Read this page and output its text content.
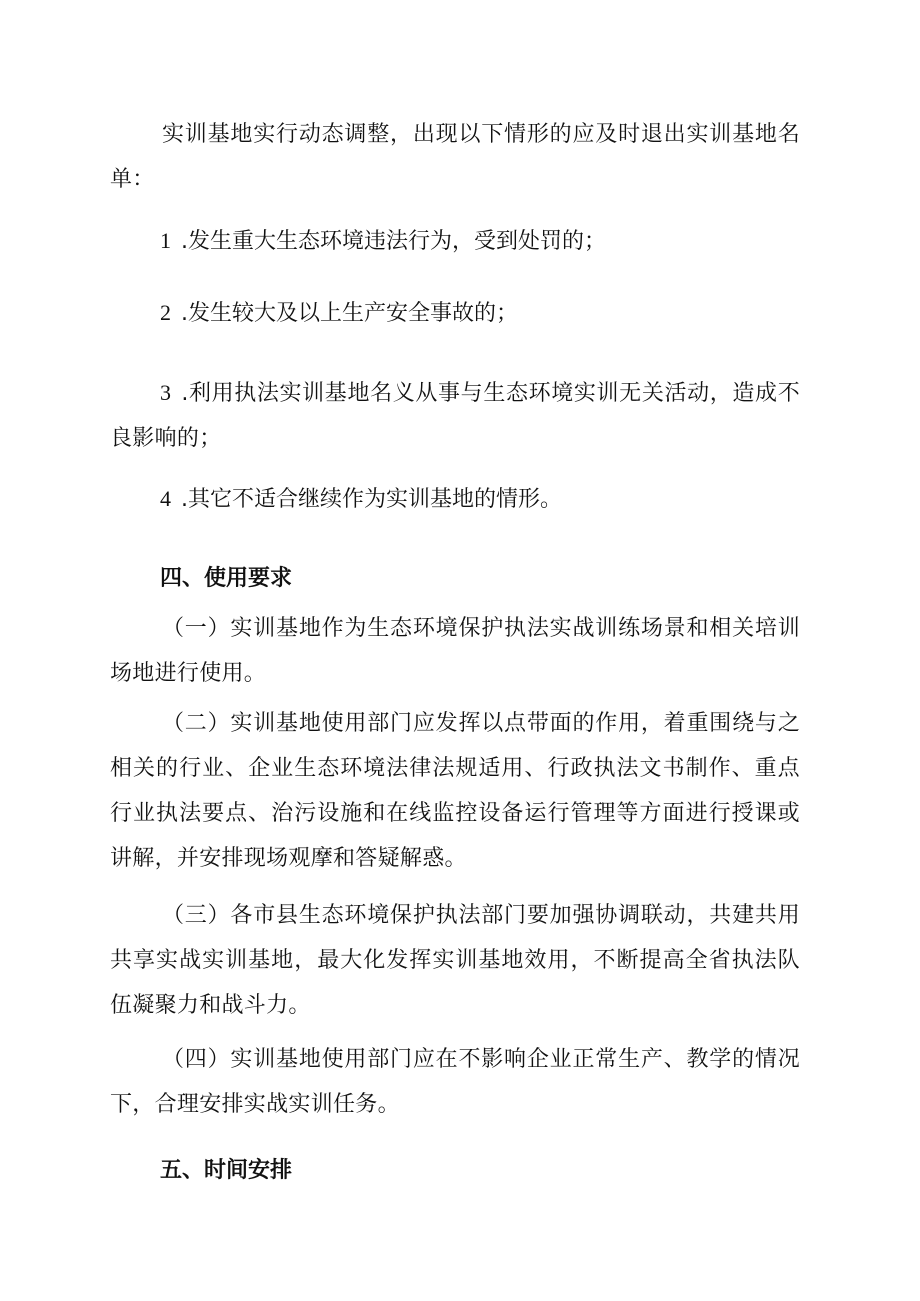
实训基地实行动态调整，出现以下情形的应及时退出实训基地名单：

1 .发生重大生态环境违法行为，受到处罚的；

2 .发生较大及以上生产安全事故的；

3 .利用执法实训基地名义从事与生态环境实训无关活动，造成不良影响的；

4 .其它不适合继续作为实训基地的情形。

四、使用要求

（一）实训基地作为生态环境保护执法实战训练场景和相关培训场地进行使用。

（二）实训基地使用部门应发挥以点带面的作用，着重围绕与之相关的行业、企业生态环境法律法规适用、行政执法文书制作、重点行业执法要点、治污设施和在线监控设备运行管理等方面进行授课或讲解，并安排现场观摩和答疑解惑。

（三）各市县生态环境保护执法部门要加强协调联动，共建共用共享实战实训基地，最大化发挥实训基地效用，不断提高全省执法队伍凝聚力和战斗力。

（四）实训基地使用部门应在不影响企业正常生产、教学的情况下，合理安排实战实训任务。

五、时间安排
